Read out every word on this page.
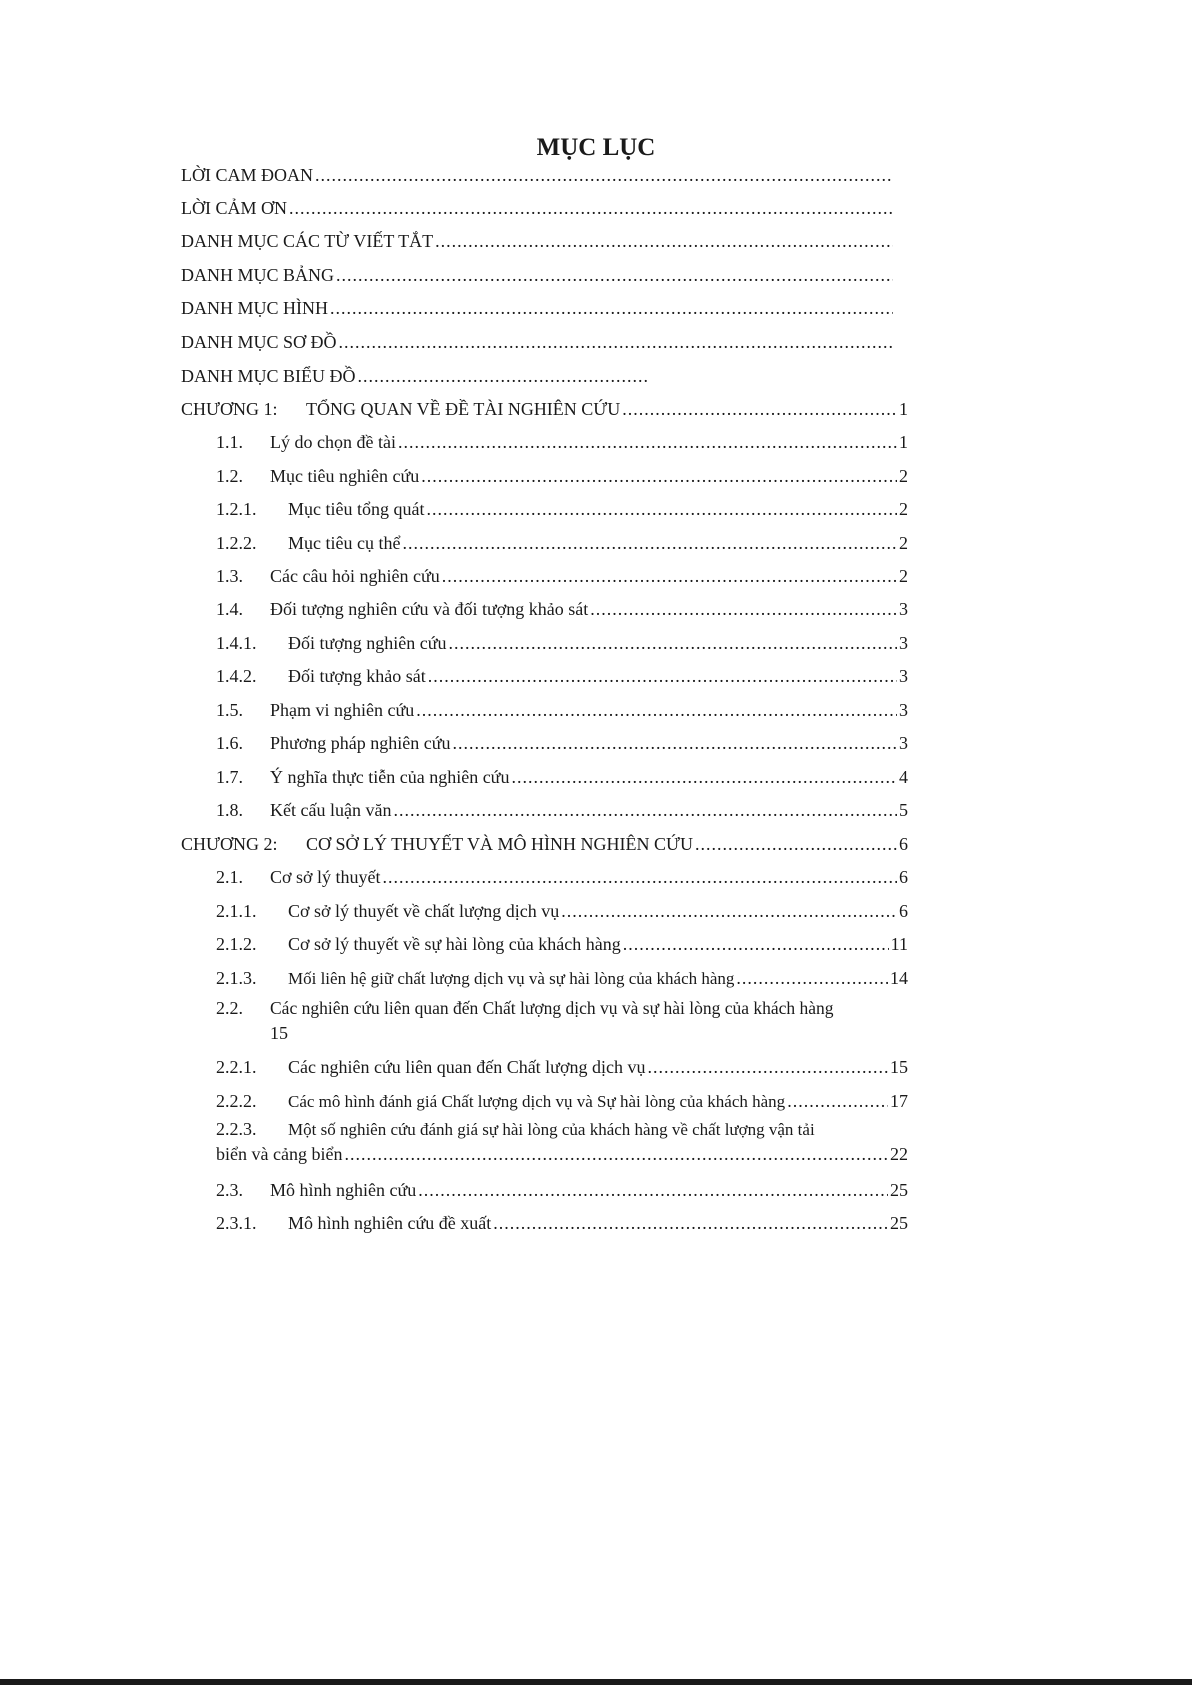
MỤC LỤC
LỜI CAM ĐOAN
.....
LỜI CẢM ƠN
.....
DANH MỤC CÁC TỪ VIẾT TẮT
.....
DANH MỤC BẢNG
.....
DANH MỤC HÌNH
.....
DANH MỤC SƠ ĐỒ
.....
DANH MỤC BIỂU ĐỒ
.....
CHƯƠNG 1:	TỔNG QUAN VỀ ĐỀ TÀI NGHIÊN CỨU .....	1
1.1.	Lý do chọn đề tài .....	1
1.2.	Mục tiêu nghiên cứu .....	2
1.2.1.	Mục tiêu tổng quát .....	2
1.2.2.	Mục tiêu cụ thể .....	2
1.3.	Các câu hỏi nghiên cứu .....	2
1.4.	Đối tượng nghiên cứu và đối tượng khảo sát .....	3
1.4.1.	Đối tượng nghiên cứu .....	3
1.4.2.	Đối tượng khảo sát .....	3
1.5.	Phạm vi nghiên cứu .....	3
1.6.	Phương pháp nghiên cứu .....	3
1.7.	Ý nghĩa thực tiễn của nghiên cứu .....	4
1.8.	Kết cấu luận văn .....	5
CHƯƠNG 2:	CƠ SỞ LÝ THUYẾT VÀ MÔ HÌNH NGHIÊN CỨU .....	6
2.1.	Cơ sở lý thuyết .....	6
2.1.1.	Cơ sở lý thuyết về chất lượng dịch vụ .....	6
2.1.2.	Cơ sở lý thuyết về sự hài lòng của khách hàng .....	11
2.1.3.	Mối liên hệ giữ chất lượng dịch vụ và sự hài lòng của khách hàng .....	14
2.2.	Các nghiên cứu liên quan đến Chất lượng dịch vụ và sự hài lòng của khách hàng
15
2.2.1.	Các nghiên cứu liên quan đến Chất lượng dịch vụ .....	15
2.2.2.	Các mô hình đánh giá Chất lượng dịch vụ và Sự hài lòng của khách hàng .....	17
2.2.3.	Một số nghiên cứu đánh giá sự hài lòng của khách hàng về chất lượng vận tải
biển và cảng biển .....	22
2.3.	Mô hình nghiên cứu .....	25
2.3.1.	Mô hình nghiên cứu đề xuất .....	25
